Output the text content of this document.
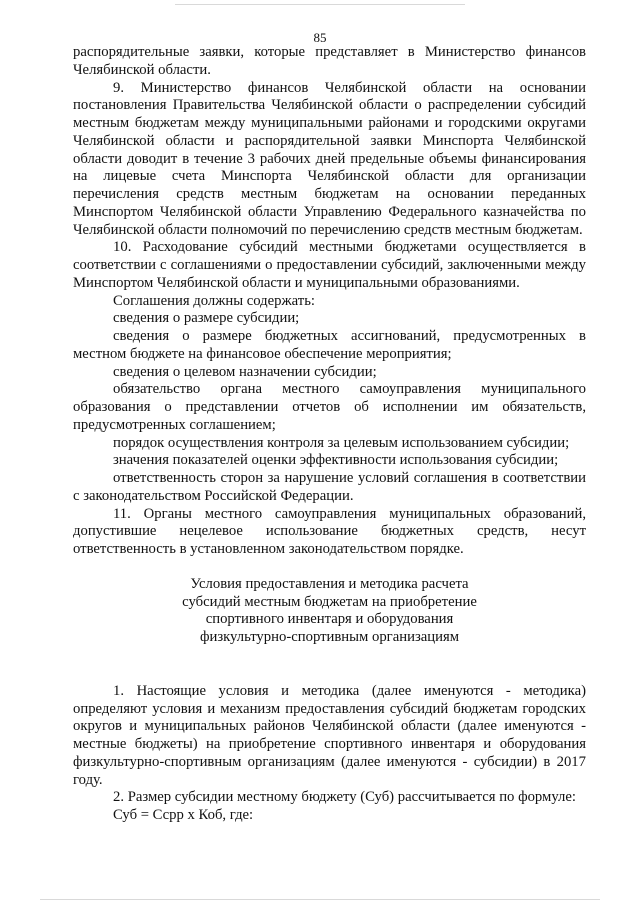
85

распорядительные заявки, которые представляет в Министерство финансов Челябинской области.

9. Министерство финансов Челябинской области на основании постановления Правительства Челябинской области о распределении субсидий местным бюджетам между муниципальными районами и городскими округами Челябинской области и распорядительной заявки Минспорта Челябинской области доводит в течение 3 рабочих дней предельные объемы финансирования на лицевые счета Минспорта Челябинской области для организации перечисления средств местным бюджетам на основании переданных Минспортом Челябинской области Управлению Федерального казначейства по Челябинской области полномочий по перечислению средств местным бюджетам.

10. Расходование субсидий местными бюджетами осуществляется в соответствии с соглашениями о предоставлении субсидий, заключенными между Минспортом Челябинской области и муниципальными образованиями.

Соглашения должны содержать:

сведения о размере субсидии;

сведения о размере бюджетных ассигнований, предусмотренных в местном бюджете на финансовое обеспечение мероприятия;

сведения о целевом назначении субсидии;

обязательство органа местного самоуправления муниципального образования о представлении отчетов об исполнении им обязательств, предусмотренных соглашением;

порядок осуществления контроля за целевым использованием субсидии;

значения показателей оценки эффективности использования субсидии;

ответственность сторон за нарушение условий соглашения в соответствии с законодательством Российской Федерации.

11. Органы местного самоуправления муниципальных образований, допустившие нецелевое использование бюджетных средств, несут ответственность в установленном законодательством порядке.

Условия предоставления и методика расчета

субсидий местным бюджетам на приобретение

спортивного инвентаря и оборудования

физкультурно-спортивным организациям

1. Настоящие условия и методика (далее именуются - методика) определяют условия и механизм предоставления субсидий бюджетам городских округов и муниципальных районов Челябинской области (далее именуются - местные бюджеты) на приобретение спортивного инвентаря и оборудования физкультурно-спортивным организациям (далее именуются - субсидии) в 2017 году.

2. Размер субсидии местному бюджету (Суб) рассчитывается по формуле:

Суб = Ссрр х Коб, где:
